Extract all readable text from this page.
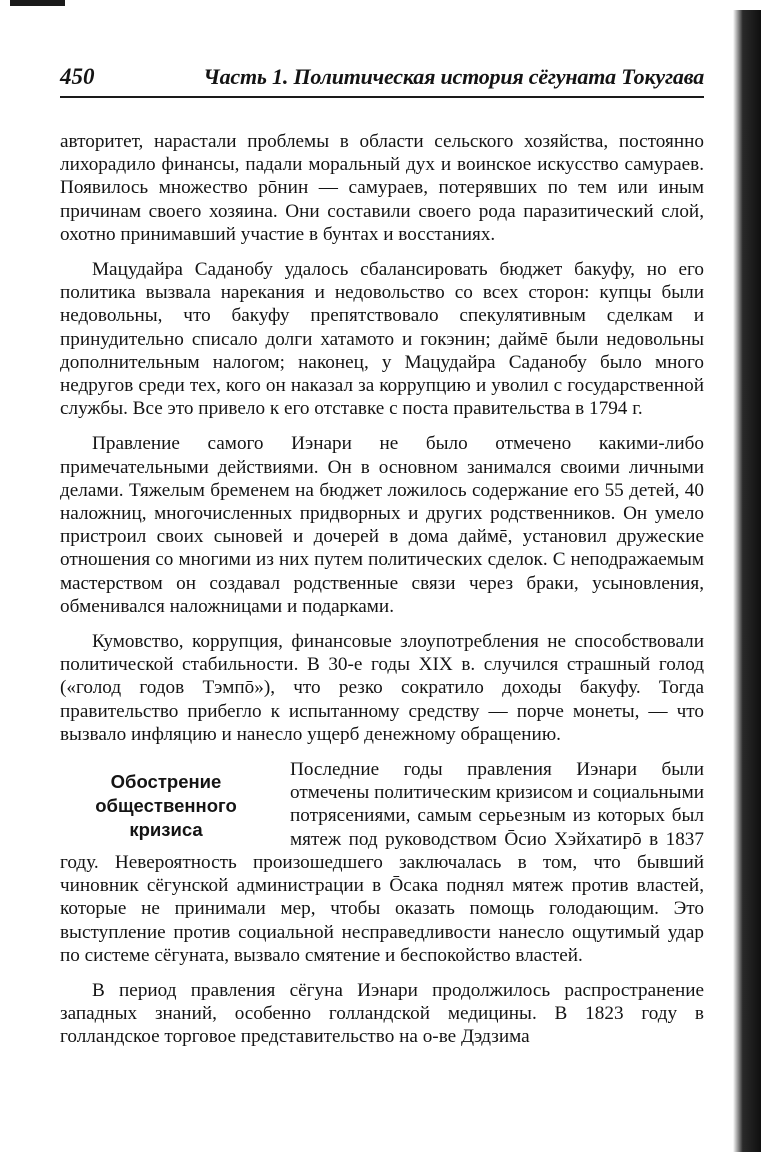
450	Часть 1. Политическая история сёгуната Токугава

авторитет, нарастали проблемы в области сельского хозяйства, постоянно лихорадило финансы, падали моральный дух и воинское искусство самураев. Появилось множество рōнин — самураев, потерявших по тем или иным причинам своего хозяина. Они составили своего рода паразитический слой, охотно принимавший участие в бунтах и восстаниях.

Мацудайра Саданобу удалось сбалансировать бюджет бакуфу, но его политика вызвала нарекания и недовольство со всех сторон: купцы были недовольны, что бакуфу препятствовало спекулятивным сделкам и принудительно списало долги хатамото и гокэнин; даймē были недовольны дополнительным налогом; наконец, у Мацудайра Саданобу было много недругов среди тех, кого он наказал за коррупцию и уволил с государственной службы. Все это привело к его отставке с поста правительства в 1794 г.

Правление самого Иэнари не было отмечено какими-либо примечательными действиями. Он в основном занимался своими личными делами. Тяжелым бременем на бюджет ложилось содержание его 55 детей, 40 наложниц, многочисленных придворных и других родственников. Он умело пристроил своих сыновей и дочерей в дома даймē, установил дружеские отношения со многими из них путем политических сделок. С неподражаемым мастерством он создавал родственные связи через браки, усыновления, обменивался наложницами и подарками.

Кумовство, коррупция, финансовые злоупотребления не способствовали политической стабильности. В 30-е годы XIX в. случился страшный голод («голод годов Тэмпō»), что резко сократило доходы бакуфу. Тогда правительство прибегло к испытанному средству — порче монеты, — что вызвало инфляцию и нанесло ущерб денежному обращению.

Обострение общественного кризиса

Последние годы правления Иэнари были отмечены политическим кризисом и социальными потрясениями, самым серьезным из которых был мятеж под руководством Ōсио Хэйхатирō в 1837 году. Невероятность произошедшего заключалась в том, что бывший чиновник сёгунской администрации в Ōсака поднял мятеж против властей, которые не принимали мер, чтобы оказать помощь голодающим. Это выступление против социальной несправедливости нанесло ощутимый удар по системе сёгуната, вызвало смятение и беспокойство властей.

В период правления сёгуна Иэнари продолжилось распространение западных знаний, особенно голландской медицины. В 1823 году в голландское торговое представительство на о-ве Дэдзима
